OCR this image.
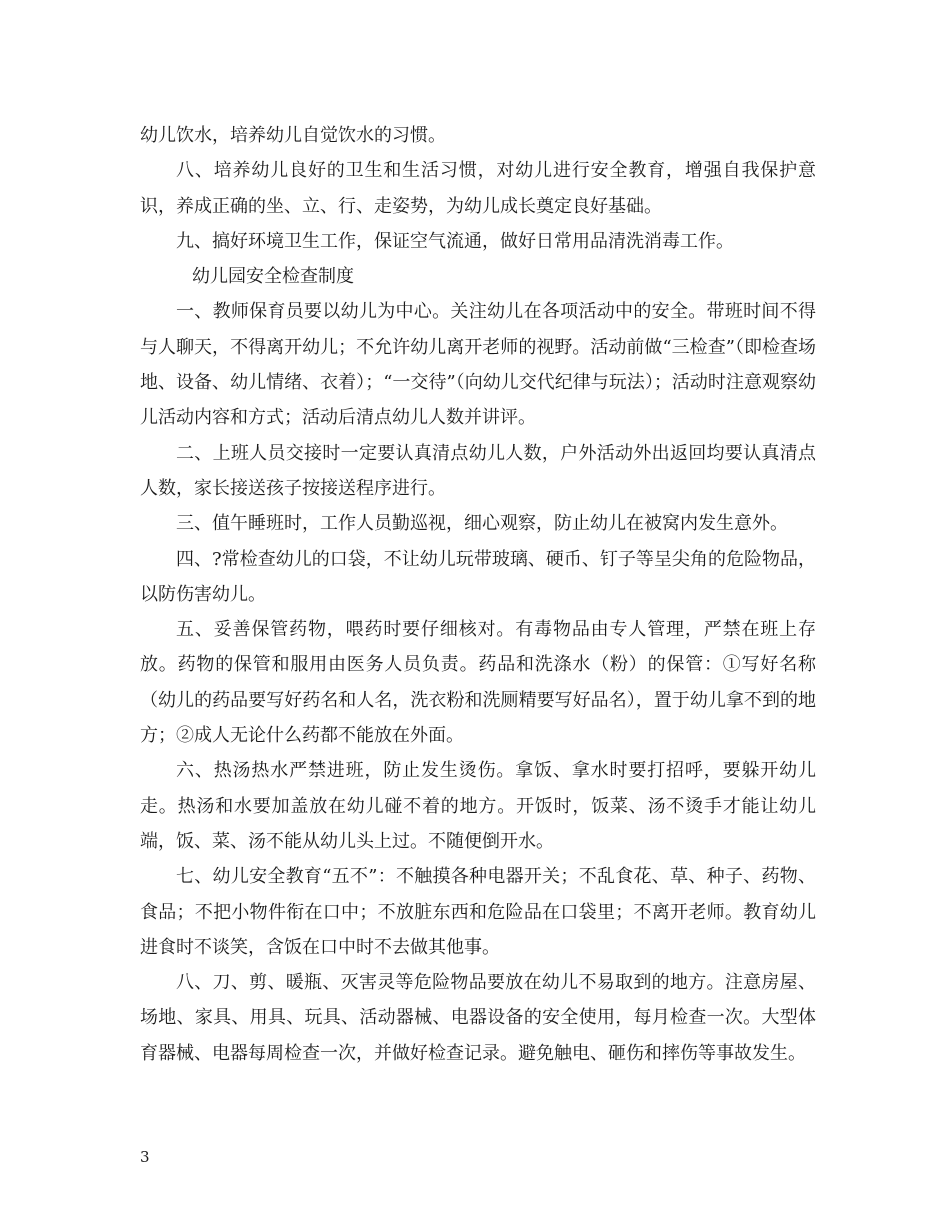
幼儿饮水，培养幼儿自觉饮水的习惯。

八、培养幼儿良好的卫生和生活习惯，对幼儿进行安全教育，增强自我保护意识，养成正确的坐、立、行、走姿势，为幼儿成长奠定良好基础。

九、搞好环境卫生工作，保证空气流通，做好日常用品清洗消毒工作。

幼儿园安全检查制度

一、教师保育员要以幼儿为中心。关注幼儿在各项活动中的安全。带班时间不得与人聊天，不得离开幼儿；不允许幼儿离开老师的视野。活动前做“三检查”（即检查场地、设备、幼儿情绪、衣着）；“一交待”（向幼儿交代纪律与玩法）；活动时注意观察幼儿活动内容和方式；活动后清点幼儿人数并讲评。

二、上班人员交接时一定要认真清点幼儿人数，户外活动外出返回均要认真清点人数，家长接送孩子按接送程序进行。

三、值午睡班时，工作人员勤巡视，细心观察，防止幼儿在被窝内发生意外。

四、?常检查幼儿的口袋，不让幼儿玩带玻璃、硬币、钉子等呈尖角的危险物品，以防伤害幼儿。

五、妥善保管药物，喂药时要仔细核对。有毒物品由专人管理，严禁在班上存放。药物的保管和服用由医务人员负责。药品和洗涤水（粉）的保管：①写好名称（幼儿的药品要写好药名和人名，洗衣粉和洗厕精要写好品名），置于幼儿拿不到的地方；②成人无论什么药都不能放在外面。

六、热汤热水严禁进班，防止发生烫伤。拿饭、拿水时要打招呼，要躲开幼儿走。热汤和水要加盖放在幼儿碰不着的地方。开饭时，饭菜、汤不烫手才能让幼儿端，饭、菜、汤不能从幼儿头上过。不随便倒开水。

七、幼儿安全教育“五不”：不触摸各种电器开关；不乱食花、草、种子、药物、食品；不把小物件衔在口中；不放脏东西和危险品在口袋里；不离开老师。教育幼儿进食时不谈笑，含饭在口中时不去做其他事。

八、刀、剪、暖瓶、灭害灵等危险物品要放在幼儿不易取到的地方。注意房屋、场地、家具、用具、玩具、活动器械、电器设备的安全使用，每月检查一次。大型体育器械、电器每周检查一次，并做好检查记录。避免触电、砸伤和摔伤等事故发生。

3
